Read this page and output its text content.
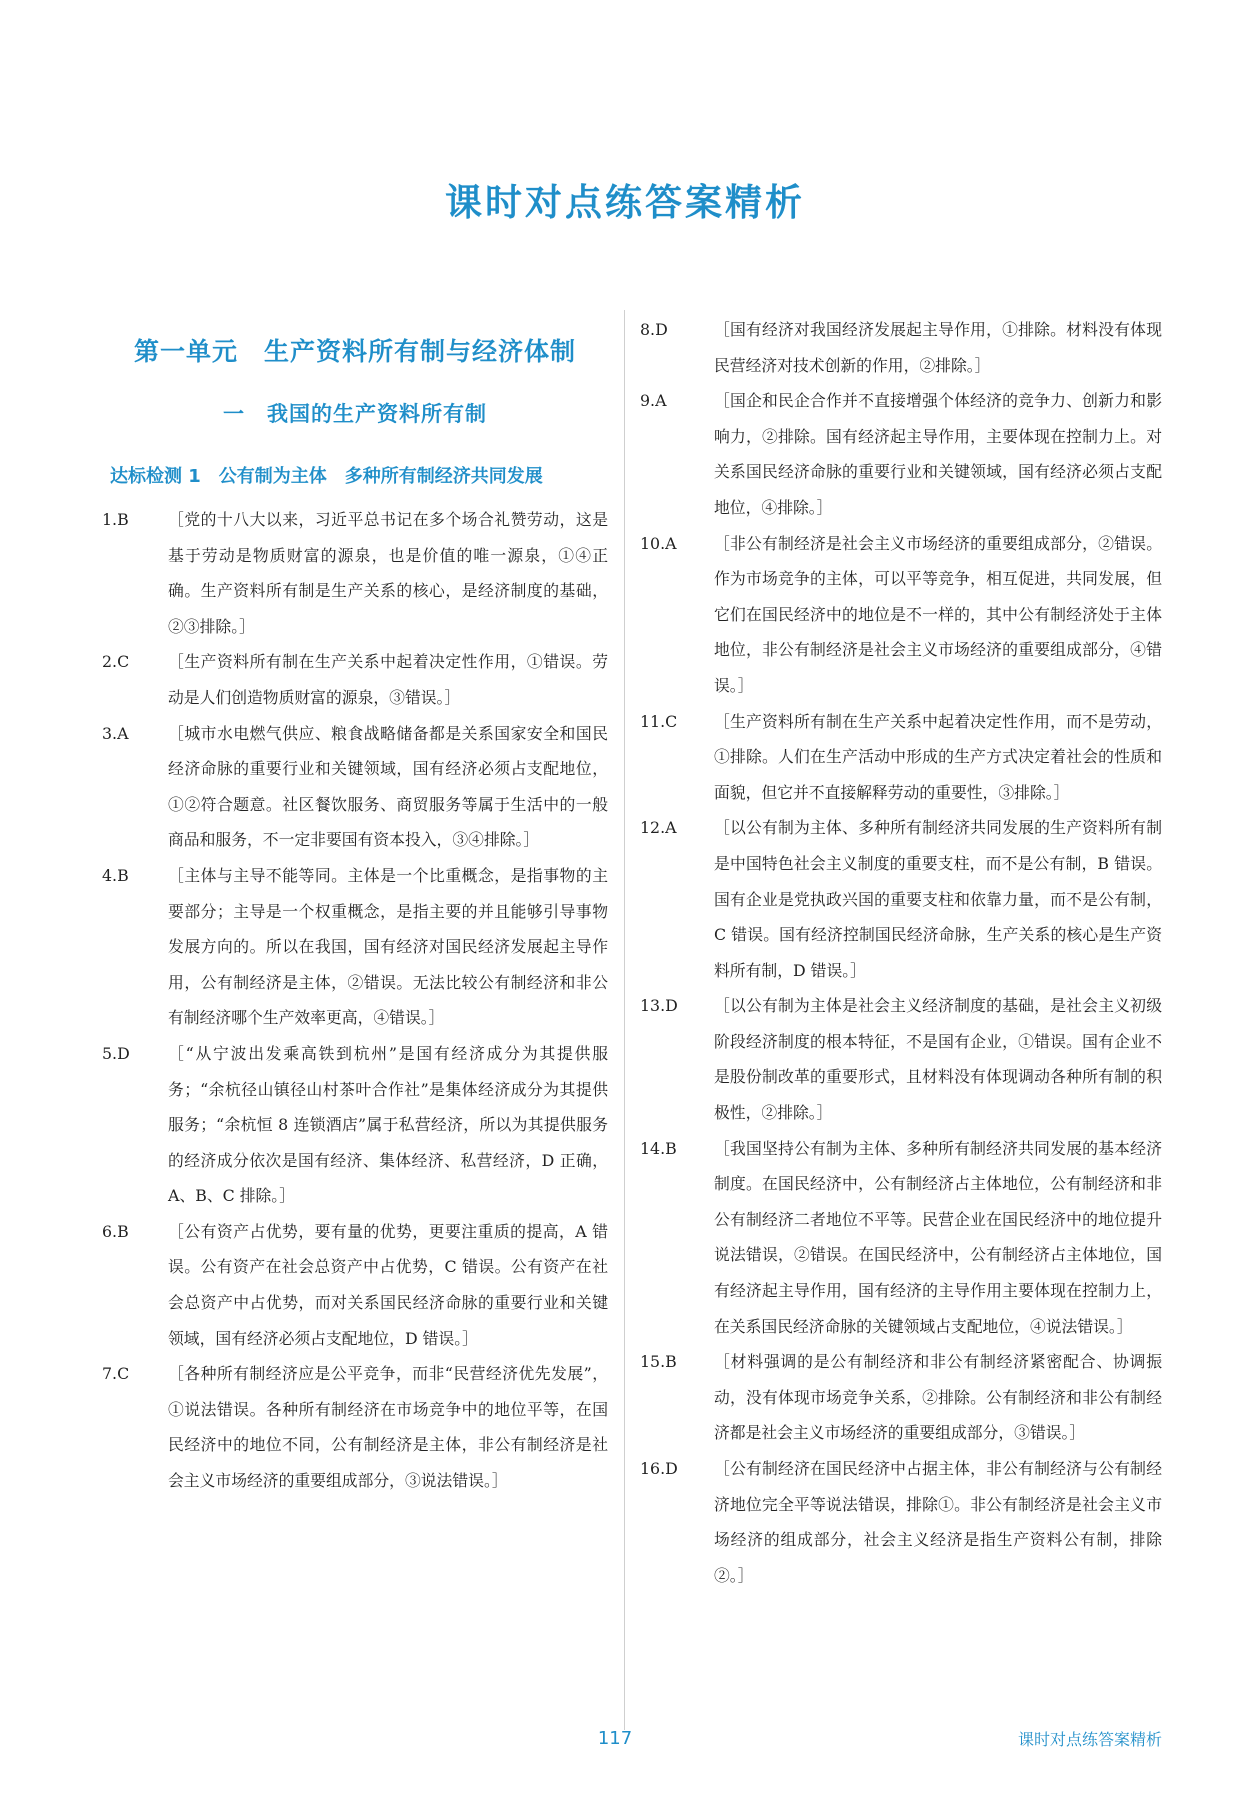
课时对点练答案精析
第一单元　生产资料所有制与经济体制
一　我国的生产资料所有制
达标检测 1　公有制为主体　多种所有制经济共同发展
1.B	［党的十八大以来，习近平总书记在多个场合礼赞劳动，这是基于劳动是物质财富的源泉，也是价值的唯一源泉，①④正确。生产资料所有制是生产关系的核心，是经济制度的基础，②③排除。］
2.C	［生产资料所有制在生产关系中起着决定性作用，①错误。劳动是人们创造物质财富的源泉，③错误。］
3.A	［城市水电燃气供应、粮食战略储备都是关系国家安全和国民经济命脉的重要行业和关键领域，国有经济必须占支配地位，①②符合题意。社区餐饮服务、商贸服务等属于生活中的一般商品和服务，不一定非要国有资本投入，③④排除。］
4.B	［主体与主导不能等同。主体是一个比重概念，是指事物的主要部分；主导是一个权重概念，是指主要的并且能够引导事物发展方向的。所以在我国，国有经济对国民经济发展起主导作用，公有制经济是主体，②错误。无法比较公有制经济和非公有制经济哪个生产效率更高，④错误。］
5.D	［“从宁波出发乘高铁到杭州”是国有经济成分为其提供服务；“余杭径山镇径山村茶叶合作社”是集体经济成分为其提供服务；“余杭恒 8 连锁酒店”属于私营经济，所以为其提供服务的经济成分依次是国有经济、集体经济、私营经济，D 正确，A、B、C 排除。］
6.B	［公有资产占优势，要有量的优势，更要注重质的提高，A 错误。公有资产在社会总资产中占优势，C 错误。公有资产在社会总资产中占优势，而对关系国民经济命脉的重要行业和关键领域，国有经济必须占支配地位，D 错误。］
7.C	［各种所有制经济应是公平竞争，而非“民营经济优先发展”，①说法错误。各种所有制经济在市场竞争中的地位平等，在国民经济中的地位不同，公有制经济是主体，非公有制经济是社会主义市场经济的重要组成部分，③说法错误。］
8.D	［国有经济对我国经济发展起主导作用，①排除。材料没有体现民营经济对技术创新的作用，②排除。］
9.A	［国企和民企合作并不直接增强个体经济的竞争力、创新力和影响力，②排除。国有经济起主导作用，主要体现在控制力上。对关系国民经济命脉的重要行业和关键领域，国有经济必须占支配地位，④排除。］
10.A	［非公有制经济是社会主义市场经济的重要组成部分，②错误。作为市场竞争的主体，可以平等竞争，相互促进，共同发展，但它们在国民经济中的地位是不一样的，其中公有制经济处于主体地位，非公有制经济是社会主义市场经济的重要组成部分，④错误。］
11.C	［生产资料所有制在生产关系中起着决定性作用，而不是劳动，①排除。人们在生产活动中形成的生产方式决定着社会的性质和面貌，但它并不直接解释劳动的重要性，③排除。］
12.A	［以公有制为主体、多种所有制经济共同发展的生产资料所有制是中国特色社会主义制度的重要支柱，而不是公有制，B 错误。国有企业是党执政兴国的重要支柱和依靠力量，而不是公有制，C 错误。国有经济控制国民经济命脉，生产关系的核心是生产资料所有制，D 错误。］
13.D	［以公有制为主体是社会主义经济制度的基础，是社会主义初级阶段经济制度的根本特征，不是国有企业，①错误。国有企业不是股份制改革的重要形式，且材料没有体现调动各种所有制的积极性，②排除。］
14.B	［我国坚持公有制为主体、多种所有制经济共同发展的基本经济制度。在国民经济中，公有制经济占主体地位，公有制经济和非公有制经济二者地位不平等。民营企业在国民经济中的地位提升说法错误，②错误。在国民经济中，公有制经济占主体地位，国有经济起主导作用，国有经济的主导作用主要体现在控制力上，在关系国民经济命脉的关键领域占支配地位，④说法错误。］
15.B	［材料强调的是公有制经济和非公有制经济紧密配合、协调振动，没有体现市场竞争关系，②排除。公有制经济和非公有制经济都是社会主义市场经济的重要组成部分，③错误。］
16.D	［公有制经济在国民经济中占据主体，非公有制经济与公有制经济地位完全平等说法错误，排除①。非公有制经济是社会主义市场经济的组成部分，社会主义经济是指生产资料公有制，排除②。］
117	课时对点练答案精析
